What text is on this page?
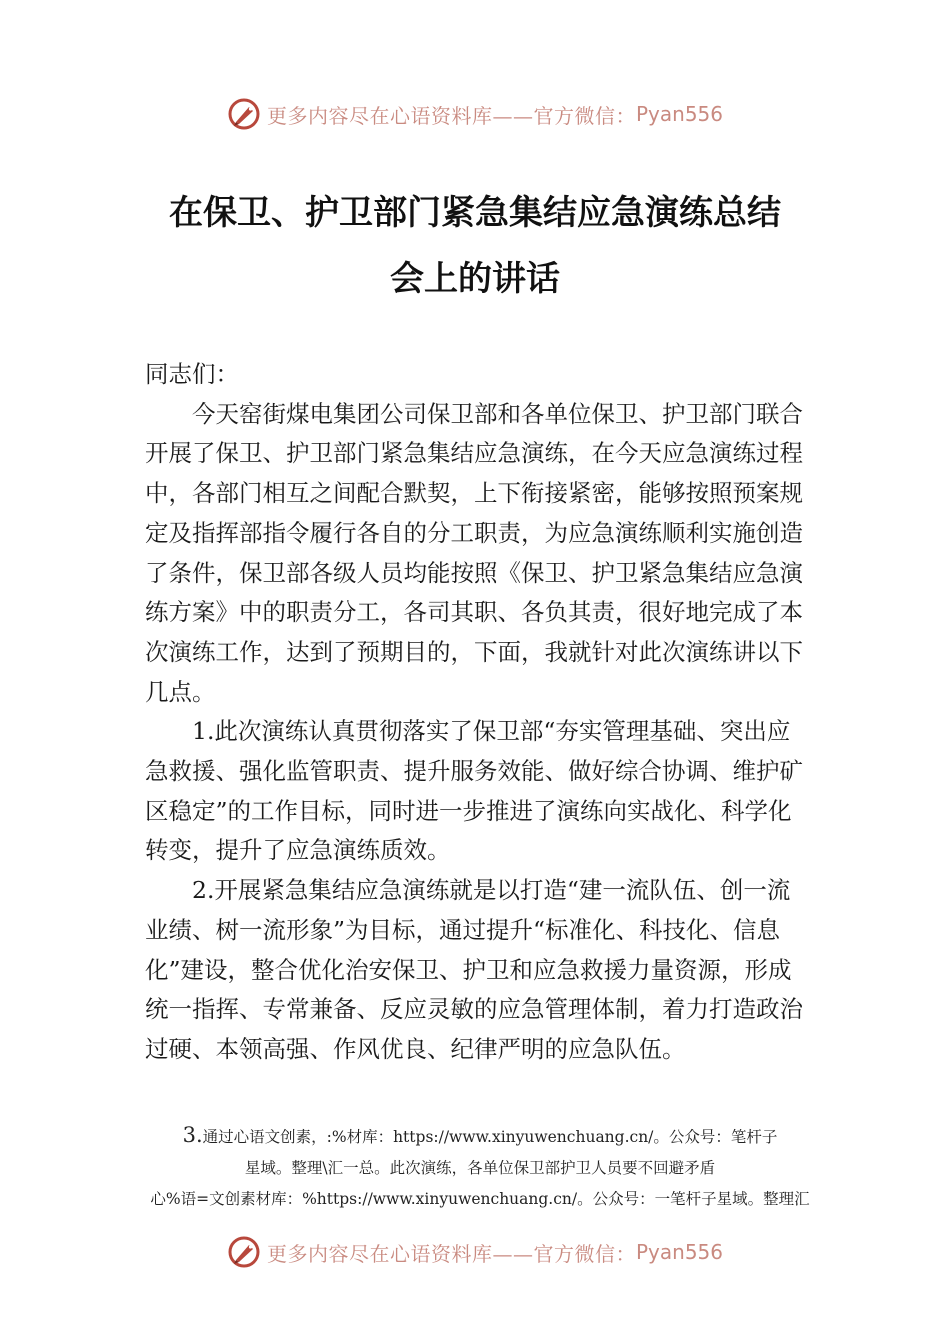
更多内容尽在心语资料库——官方微信： Pyan556
在保卫、护卫部门紧急集结应急演练总结
会上的讲话

同志们：

今天窑街煤电集团公司保卫部和各单位保卫、护卫部门联合开展了保卫、护卫部门紧急集结应急演练，在今天应急演练过程中，各部门相互之间配合默契，上下衔接紧密，能够按照预案规定及指挥部指令履行各自的分工职责，为应急演练顺利实施创造了条件，保卫部各级人员均能按照《保卫、护卫紧急集结应急演练方案》中的职责分工，各司其职、各负其责，很好地完成了本次演练工作，达到了预期目的，下面，我就针对此次演练讲以下几点。

1.此次演练认真贯彻落实了保卫部“夯实管理基础、突出应急救援、强化监管职责、提升服务效能、做好综合协调、维护矿区稳定”的工作目标，同时进一步推进了演练向实战化、科学化转变，提升了应急演练质效。

2.开展紧急集结应急演练就是以打造“建一流队伍、创一流业绩、树一流形象”为目标，通过提升“标准化、科技化、信息化”建设，整合优化治安保卫、护卫和应急救援力量资源，形成统一指挥、专常兼备、反应灵敏的应急管理体制，着力打造政治过硬、本领高强、作风优良、纪律严明的应急队伍。

3.通过心语文创素，:%材库：https://www.xinyuwenchuang.cn/。公众号：笔杆子
星域。整理\汇一总。此次演练，各单位保卫部护卫人员要不回避矛盾
心%语=文创素材库：%https://www.xinyuwenchuang.cn/。公众号：一笔杆子星域。整理汇
更多内容尽在心语资料库——官方微信： Pyan556
